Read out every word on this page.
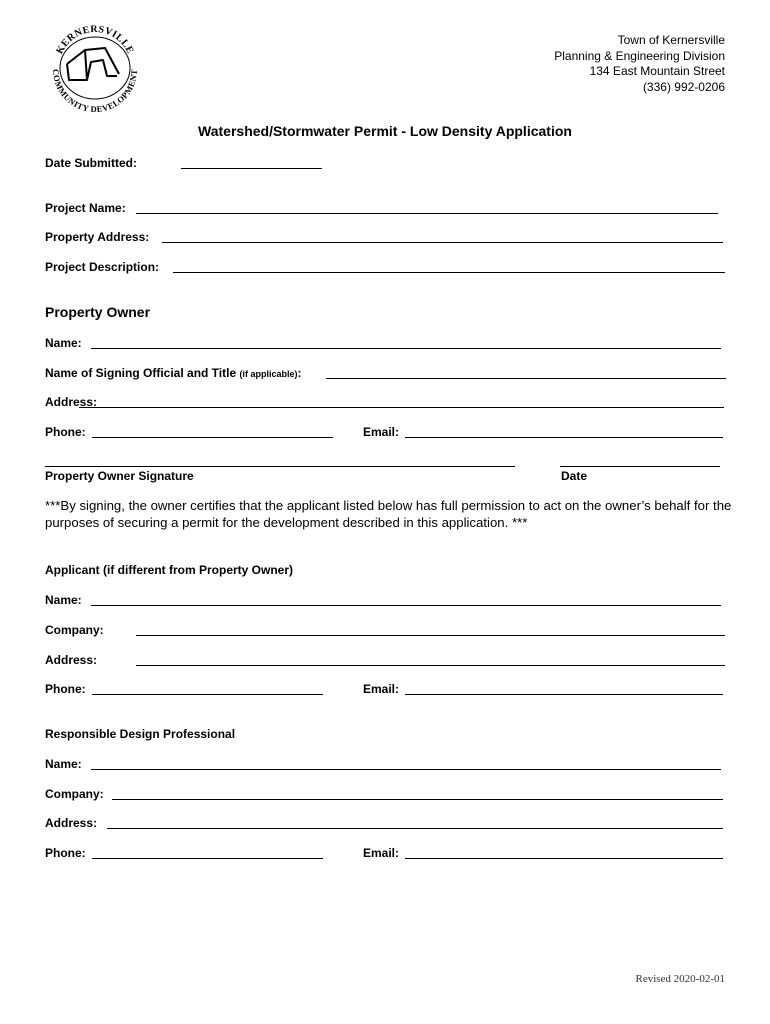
KERNERSVILLE
COMMUNITY DEVELOPMENT
Town of Kernersville
Planning & Engineering Division
134 East Mountain Street
(336) 992-0206
Watershed/Stormwater Permit - Low Density Application
Date Submitted:
Project Name:
Property Address:
Project Description:
Property Owner
Name:
Name of Signing Official and Title (if applicable):
Address:
Phone:	Email:
Property Owner Signature	Date
***By signing, the owner certifies that the applicant listed below has full permission to act on the owner’s behalf for the purposes of securing a permit for the development described in this application. ***
Applicant (if different from Property Owner)
Name:
Company:
Address:
Phone:	Email:
Responsible Design Professional
Name:
Company:
Address:
Phone:	Email:
Revised 2020-02-01
